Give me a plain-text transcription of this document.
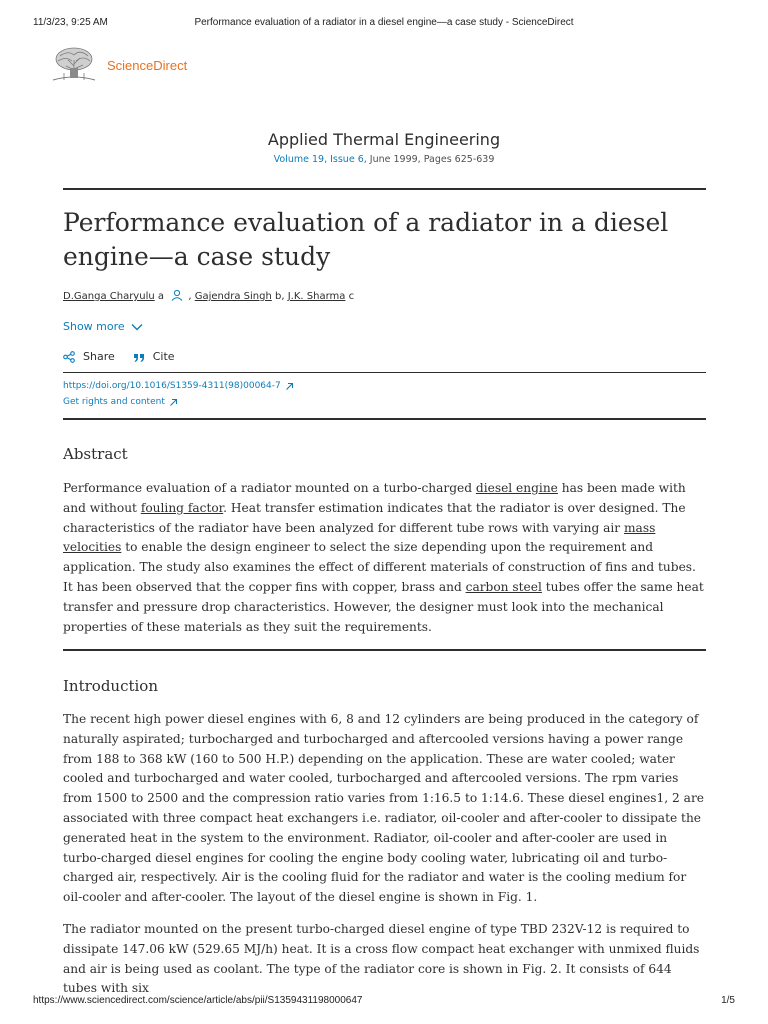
11/3/23, 9:25 AM	Performance evaluation of a radiator in a diesel engine—a case study - ScienceDirect
ScienceDirect
Applied Thermal Engineering
Volume 19, Issue 6, June 1999, Pages 625-639
Performance evaluation of a radiator in a diesel engine—a case study
D.Ganga Charyulu a , Gajendra Singh b, J.K. Sharma c
Show more
Share	Cite
https://doi.org/10.1016/S1359-4311(98)00064-7
Get rights and content
Abstract

Performance evaluation of a radiator mounted on a turbo-charged diesel engine has been made with and without fouling factor. Heat transfer estimation indicates that the radiator is over designed. The characteristics of the radiator have been analyzed for different tube rows with varying air mass velocities to enable the design engineer to select the size depending upon the requirement and application. The study also examines the effect of different materials of construction of fins and tubes. It has been observed that the copper fins with copper, brass and carbon steel tubes offer the same heat transfer and pressure drop characteristics. However, the designer must look into the mechanical properties of these materials as they suit the requirements.

Introduction

The recent high power diesel engines with 6, 8 and 12 cylinders are being produced in the category of naturally aspirated; turbocharged and turbocharged and aftercooled versions having a power range from 188 to 368 kW (160 to 500 H.P.) depending on the application. These are water cooled; water cooled and turbocharged and water cooled, turbocharged and aftercooled versions. The rpm varies from 1500 to 2500 and the compression ratio varies from 1:16.5 to 1:14.6. These diesel engines1, 2 are associated with three compact heat exchangers i.e. radiator, oil-cooler and after-cooler to dissipate the generated heat in the system to the environment. Radiator, oil-cooler and after-cooler are used in turbo-charged diesel engines for cooling the engine body cooling water, lubricating oil and turbo-charged air, respectively. Air is the cooling fluid for the radiator and water is the cooling medium for oil-cooler and after-cooler. The layout of the diesel engine is shown in Fig. 1.

The radiator mounted on the present turbo-charged diesel engine of type TBD 232V-12 is required to dissipate 147.06 kW (529.65 MJ/h) heat. It is a cross flow compact heat exchanger with unmixed fluids and air is being used as coolant. The type of the radiator core is shown in Fig. 2. It consists of 644 tubes with six

https://www.sciencedirect.com/science/article/abs/pii/S1359431198000647	1/5
